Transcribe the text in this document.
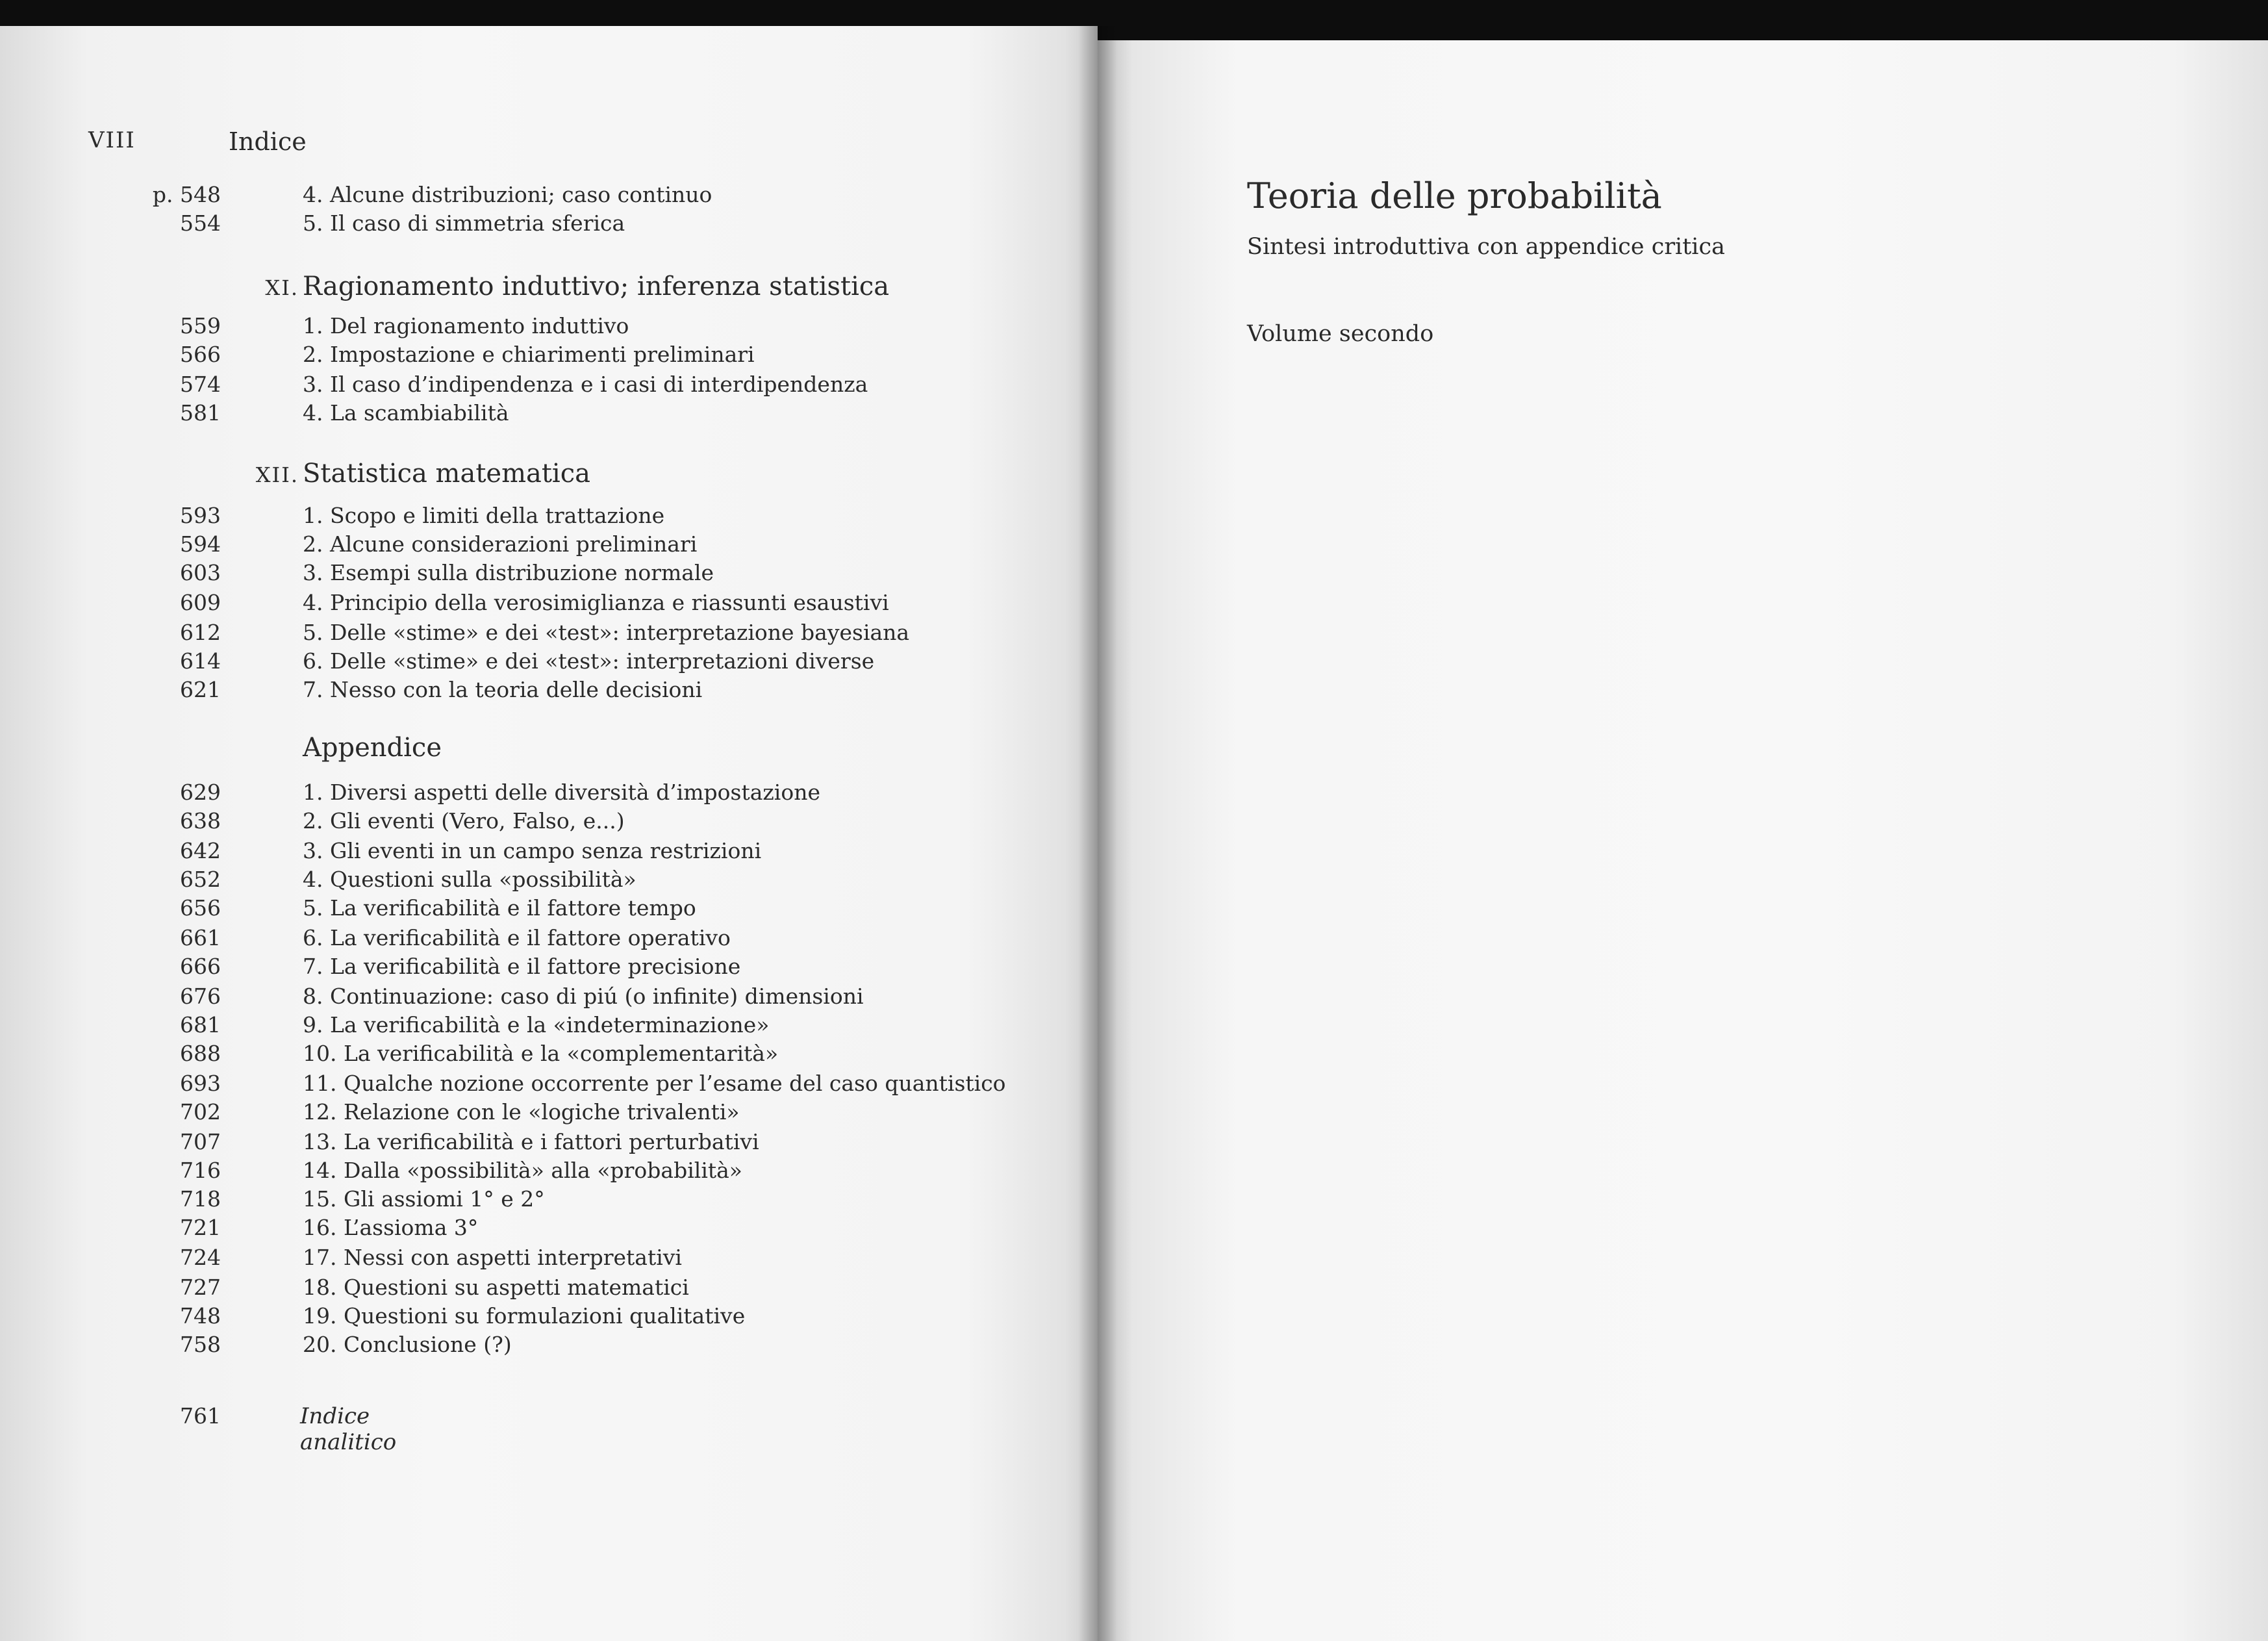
VIII	Indice
p. 548	4. Alcune distribuzioni; caso continuo
554	5. Il caso di simmetria sferica
XI. Ragionamento induttivo; inferenza statistica
559	1. Del ragionamento induttivo
566	2. Impostazione e chiarimenti preliminari
574	3. Il caso d’indipendenza e i casi di interdipendenza
581	4. La scambiabilità
XII. Statistica matematica
593	1. Scopo e limiti della trattazione
594	2. Alcune considerazioni preliminari
603	3. Esempi sulla distribuzione normale
609	4. Principio della verosimiglianza e riassunti esaustivi
612	5. Delle «stime» e dei «test»: interpretazione bayesiana
614	6. Delle «stime» e dei «test»: interpretazioni diverse
621	7. Nesso con la teoria delle decisioni
Appendice
629	1. Diversi aspetti delle diversità d’impostazione
638	2. Gli eventi (Vero, Falso, e...)
642	3. Gli eventi in un campo senza restrizioni
652	4. Questioni sulla «possibilità»
656	5. La verificabilità e il fattore tempo
661	6. La verificabilità e il fattore operativo
666	7. La verificabilità e il fattore precisione
676	8. Continuazione: caso di piú (o infinite) dimensioni
681	9. La verificabilità e la «indeterminazione»
688	10. La verificabilità e la «complementarità»
693	11. Qualche nozione occorrente per l’esame del caso quantistico
702	12. Relazione con le «logiche trivalenti»
707	13. La verificabilità e i fattori perturbativi
716	14. Dalla «possibilità» alla «probabilità»
718	15. Gli assiomi 1° e 2°
721	16. L’assioma 3°
724	17. Nessi con aspetti interpretativi
727	18. Questioni su aspetti matematici
748	19. Questioni su formulazioni qualitative
758	20. Conclusione (?)
761	Indice analitico
Teoria delle probabilità
Sintesi introduttiva con appendice critica
Volume secondo
